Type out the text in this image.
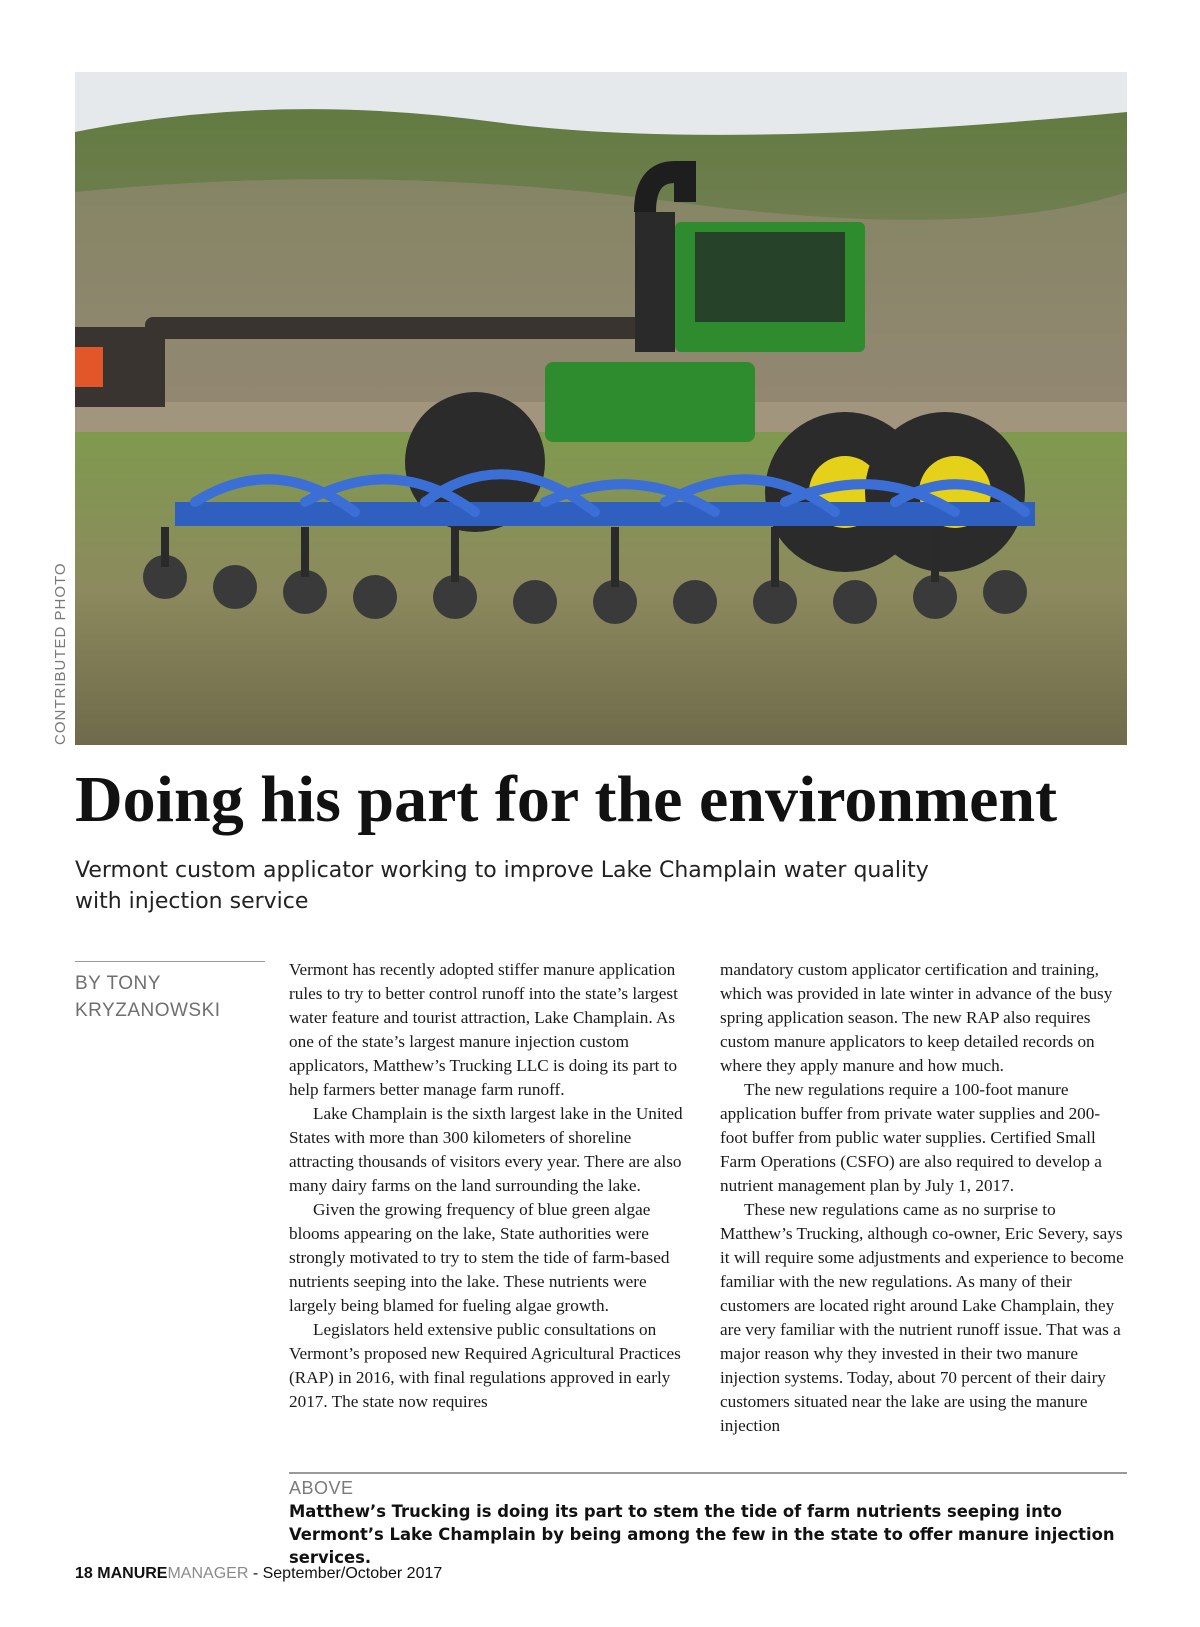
CONTRIBUTED PHOTO
Doing his part for the environment

Vermont custom applicator working to improve Lake Champlain water quality
with injection service

BY TONY KRYZANOWSKI

Vermont has recently adopted stiffer manure application rules to try to better control runoff into the state’s largest water feature and tourist attraction, Lake Champlain. As one of the state’s largest manure injection custom applicators, Matthew’s Trucking LLC is doing its part to help farmers better manage farm runoff.

Lake Champlain is the sixth largest lake in the United States with more than 300 kilometers of shoreline attracting thousands of visitors every year. There are also many dairy farms on the land surrounding the lake.

Given the growing frequency of blue green algae blooms appearing on the lake, State authorities were strongly motivated to try to stem the tide of farm-based nutrients seeping into the lake. These nutrients were largely being blamed for fueling algae growth.

Legislators held extensive public consultations on Vermont’s proposed new Required Agricultural Practices (RAP) in 2016, with final regulations approved in early 2017. The state now requires

mandatory custom applicator certification and training, which was provided in late winter in advance of the busy spring application season. The new RAP also requires custom manure applicators to keep detailed records on where they apply manure and how much.

The new regulations require a 100-foot manure application buffer from private water supplies and 200-foot buffer from public water supplies. Certified Small Farm Operations (CSFO) are also required to develop a nutrient management plan by July 1, 2017.

These new regulations came as no surprise to Matthew’s Trucking, although co-owner, Eric Severy, says it will require some adjustments and experience to become familiar with the new regulations. As many of their customers are located right around Lake Champlain, they are very familiar with the nutrient runoff issue. That was a major reason why they invested in their two manure injection systems. Today, about 70 percent of their dairy customers situated near the lake are using the manure injection

ABOVE
Matthew’s Trucking is doing its part to stem the tide of farm nutrients seeping into Vermont’s Lake Champlain by being among the few in the state to offer manure injection services.
18 MANUREMANAGER - September/October 2017
